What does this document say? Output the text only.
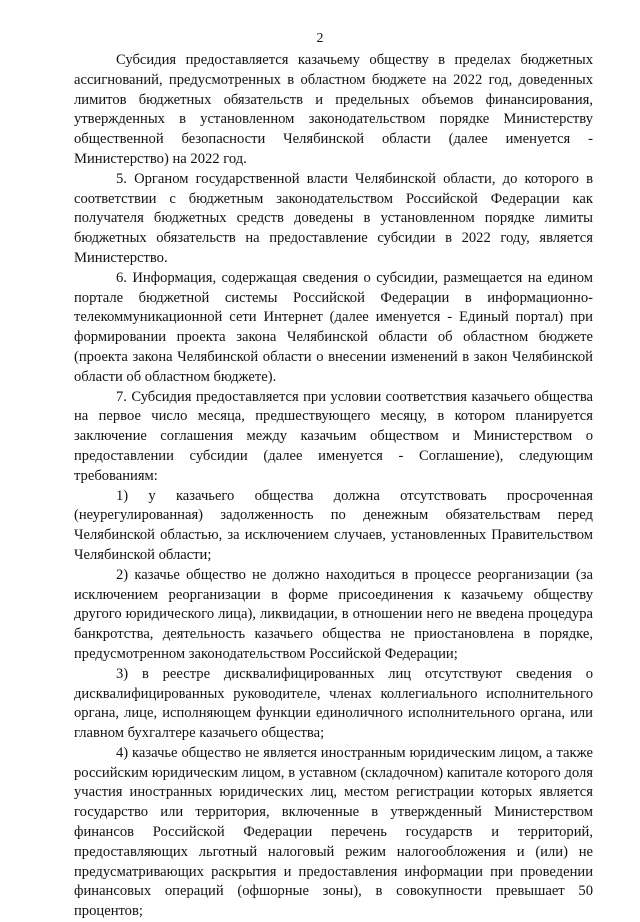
2

Субсидия предоставляется казачьему обществу в пределах бюджетных ассигнований, предусмотренных в областном бюджете на 2022 год, доведенных лимитов бюджетных обязательств и предельных объемов финансирования, утвержденных в установленном законодательством порядке Министерству общественной безопасности Челябинской области (далее именуется - Министерство) на 2022 год.

5. Органом государственной власти Челябинской области, до которого в соответствии с бюджетным законодательством Российской Федерации как получателя бюджетных средств доведены в установленном порядке лимиты бюджетных обязательств на предоставление субсидии в 2022 году, является Министерство.

6. Информация, содержащая сведения о субсидии, размещается на едином портале бюджетной системы Российской Федерации в информационно-телекоммуникационной сети Интернет (далее именуется - Единый портал) при формировании проекта закона Челябинской области об областном бюджете (проекта закона Челябинской области о внесении изменений в закон Челябинской области об областном бюджете).

7. Субсидия предоставляется при условии соответствия казачьего общества на первое число месяца, предшествующего месяцу, в котором планируется заключение соглашения между казачьим обществом и Министерством о предоставлении субсидии (далее именуется - Соглашение), следующим требованиям:

1) у казачьего общества должна отсутствовать просроченная (неурегулированная) задолженность по денежным обязательствам перед Челябинской областью, за исключением случаев, установленных Правительством Челябинской области;

2) казачье общество не должно находиться в процессе реорганизации (за исключением реорганизации в форме присоединения к казачьему обществу другого юридического лица), ликвидации, в отношении него не введена процедура банкротства, деятельность казачьего общества не приостановлена в порядке, предусмотренном законодательством Российской Федерации;

3) в реестре дисквалифицированных лиц отсутствуют сведения о дисквалифицированных руководителе, членах коллегиального исполнительного органа, лице, исполняющем функции единоличного исполнительного органа, или главном бухгалтере казачьего общества;

4) казачье общество не является иностранным юридическим лицом, а также российским юридическим лицом, в уставном (складочном) капитале которого доля участия иностранных юридических лиц, местом регистрации которых является государство или территория, включенные в утвержденный Министерством финансов Российской Федерации перечень государств и территорий, предоставляющих льготный налоговый режим налогообложения и (или) не предусматривающих раскрытия и предоставления информации при проведении финансовых операций (офшорные зоны), в совокупности превышает 50 процентов;
